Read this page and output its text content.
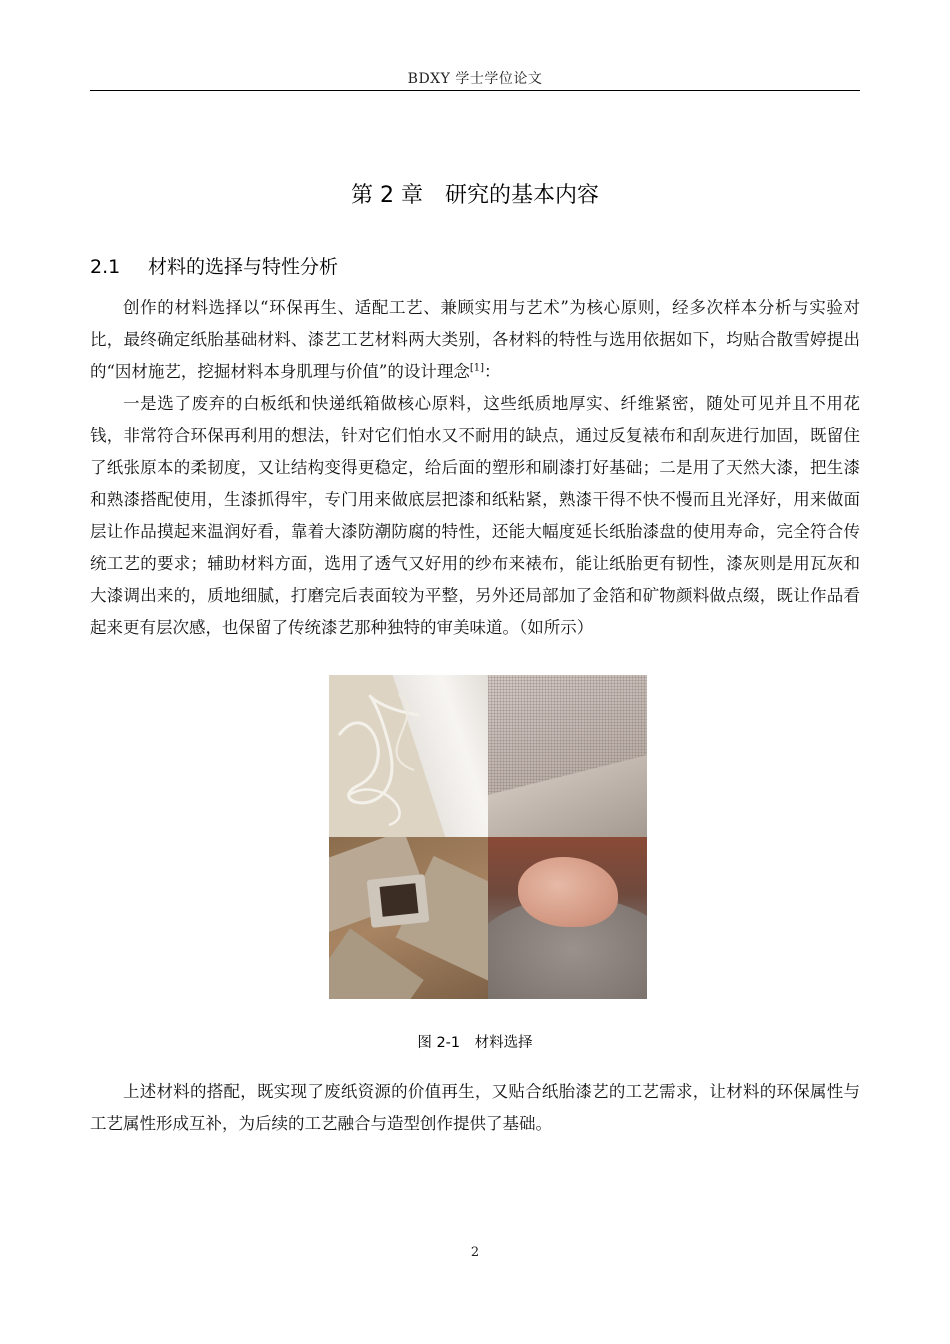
BDXY 学士学位论文
第 2 章　研究的基本内容
2.1 材料的选择与特性分析

创作的材料选择以“环保再生、适配工艺、兼顾实用与艺术”为核心原则，经多次样本分析与实验对比，最终确定纸胎基础材料、漆艺工艺材料两大类别，各材料的特性与选用依据如下，均贴合散雪婷提出的“因材施艺，挖掘材料本身肌理与价值”的设计理念[1]：

一是选了废弃的白板纸和快递纸箱做核心原料，这些纸质地厚实、纤维紧密，随处可见并且不用花钱，非常符合环保再利用的想法，针对它们怕水又不耐用的缺点，通过反复裱布和刮灰进行加固，既留住了纸张原本的柔韧度，又让结构变得更稳定，给后面的塑形和刷漆打好基础；二是用了天然大漆，把生漆和熟漆搭配使用，生漆抓得牢，专门用来做底层把漆和纸粘紧，熟漆干得不快不慢而且光泽好，用来做面层让作品摸起来温润好看，靠着大漆防潮防腐的特性，还能大幅度延长纸胎漆盘的使用寿命，完全符合传统工艺的要求；辅助材料方面，选用了透气又好用的纱布来裱布，能让纸胎更有韧性，漆灰则是用瓦灰和大漆调出来的，质地细腻，打磨完后表面较为平整，另外还局部加了金箔和矿物颜料做点缀，既让作品看起来更有层次感，也保留了传统漆艺那种独特的审美味道。（如所示）

图 2-1　材料选择

上述材料的搭配，既实现了废纸资源的价值再生，又贴合纸胎漆艺的工艺需求，让材料的环保属性与工艺属性形成互补，为后续的工艺融合与造型创作提供了基础。

2
